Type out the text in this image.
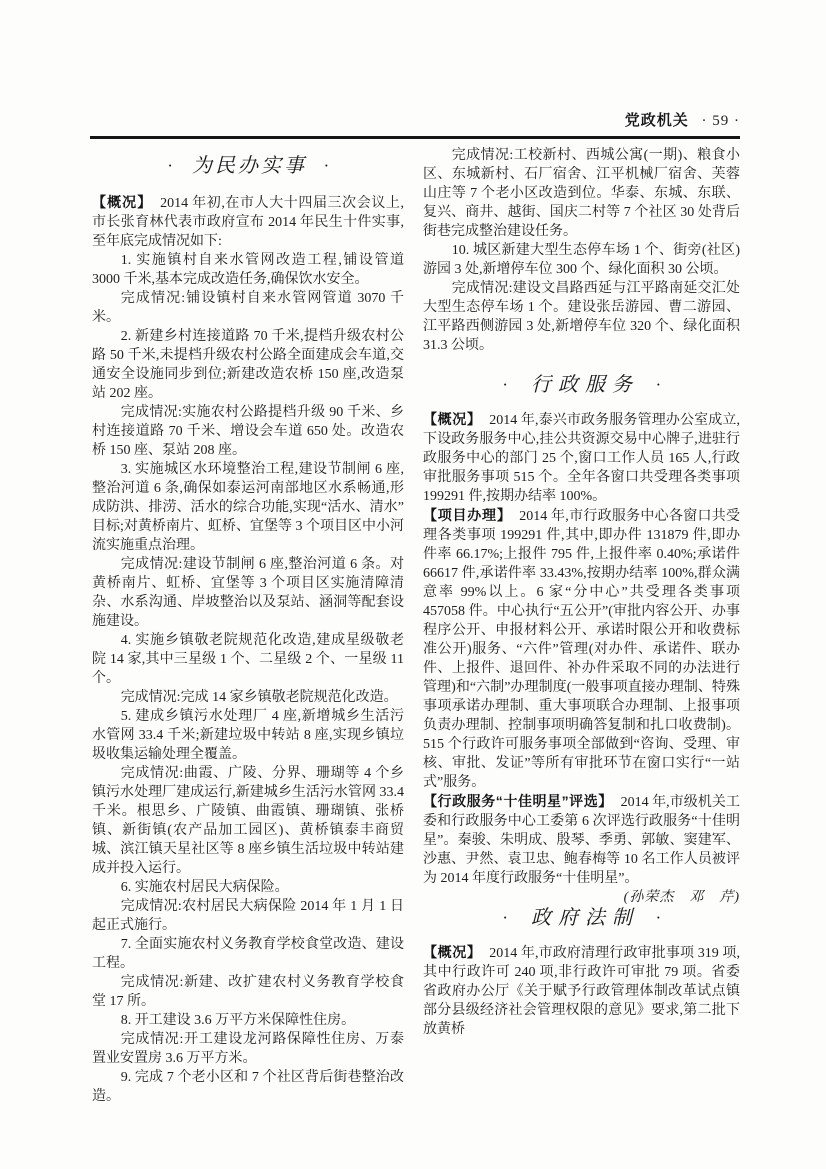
党政机关 · 59 ·
· 为民办实事 ·

【概况】 2014 年初,在市人大十四届三次会议上,市长张育林代表市政府宣布 2014 年民生十件实事,至年底完成情况如下:

1. 实施镇村自来水管网改造工程,铺设管道 3000 千米,基本完成改造任务,确保饮水安全。

完成情况:铺设镇村自来水管网管道 3070 千米。

2. 新建乡村连接道路 70 千米,提档升级农村公路 50 千米,未提档升级农村公路全面建成会车道,交通安全设施同步到位;新建改造农桥 150 座,改造泵站 202 座。

完成情况:实施农村公路提档升级 90 千米、乡村连接道路 70 千米、增设会车道 650 处。改造农桥 150 座、泵站 208 座。

3. 实施城区水环境整治工程,建设节制闸 6 座,整治河道 6 条,确保如泰运河南部地区水系畅通,形成防洪、排涝、活水的综合功能,实现“活水、清水”目标;对黄桥南片、虹桥、宜堡等 3 个项目区中小河流实施重点治理。

完成情况:建设节制闸 6 座,整治河道 6 条。对黄桥南片、虹桥、宜堡等 3 个项目区实施清障清杂、水系沟通、岸坡整治以及泵站、涵洞等配套设施建设。

4. 实施乡镇敬老院规范化改造,建成星级敬老院 14 家,其中三星级 1 个、二星级 2 个、一星级 11 个。

完成情况:完成 14 家乡镇敬老院规范化改造。

5. 建成乡镇污水处理厂 4 座,新增城乡生活污水管网 33.4 千米;新建垃圾中转站 8 座,实现乡镇垃圾收集运输处理全覆盖。

完成情况:曲霞、广陵、分界、珊瑚等 4 个乡镇污水处理厂建成运行,新建城乡生活污水管网 33.4 千米。根思乡、广陵镇、曲霞镇、珊瑚镇、张桥镇、新街镇(农产品加工园区)、黄桥镇泰丰商贸城、滨江镇天星社区等 8 座乡镇生活垃圾中转站建成并投入运行。

6. 实施农村居民大病保险。

完成情况:农村居民大病保险 2014 年 1 月 1 日起正式施行。

7. 全面实施农村义务教育学校食堂改造、建设工程。

完成情况:新建、改扩建农村义务教育学校食堂 17 所。

8. 开工建设 3.6 万平方米保障性住房。

完成情况:开工建设龙河路保障性住房、万泰置业安置房 3.6 万平方米。

9. 完成 7 个老小区和 7 个社区背后街巷整治改造。

完成情况:工校新村、西城公寓(一期)、粮食小区、东城新村、石厂宿舍、江平机械厂宿舍、芙蓉山庄等 7 个老小区改造到位。华泰、东城、东联、复兴、商井、越街、国庆二村等 7 个社区 30 处背后街巷完成整治建设任务。

10. 城区新建大型生态停车场 1 个、街旁(社区)游园 3 处,新增停车位 300 个、绿化面积 30 公顷。

完成情况:建设文昌路西延与江平路南延交汇处大型生态停车场 1 个。建设张岳游园、曹二游园、江平路西侧游园 3 处,新增停车位 320 个、绿化面积 31.3 公顷。

· 行政服务 ·

【概况】 2014 年,泰兴市政务服务管理办公室成立,下设政务服务中心,挂公共资源交易中心牌子,进驻行政服务中心的部门 25 个,窗口工作人员 165 人,行政审批服务事项 515 个。全年各窗口共受理各类事项 199291 件,按期办结率 100%。

【项目办理】 2014 年,市行政服务中心各窗口共受理各类事项 199291 件,其中,即办件 131879 件,即办件率 66.17%;上报件 795 件,上报件率 0.40%;承诺件 66617 件,承诺件率 33.43%,按期办结率 100%,群众满意率 99%以上。6 家“分中心”共受理各类事项 457058 件。中心执行“五公开”(审批内容公开、办事程序公开、申报材料公开、承诺时限公开和收费标准公开)服务、“六件”管理(对办件、承诺件、联办件、上报件、退回件、补办件采取不同的办法进行管理)和“六制”办理制度(一般事项直接办理制、特殊事项承诺办理制、重大事项联合办理制、上报事项负责办理制、控制事项明确答复制和扎口收费制)。515 个行政许可服务事项全部做到“咨询、受理、审核、审批、发证”等所有审批环节在窗口实行“一站式”服务。

【行政服务“十佳明星”评选】 2014 年,市级机关工委和行政服务中心工委第 6 次评选行政服务“十佳明星”。秦骏、朱明成、殷琴、季勇、郭敏、窦建军、沙惠、尹然、袁卫忠、鲍春梅等 10 名工作人员被评为 2014 年度行政服务“十佳明星”。
(孙荣杰　邓　芹)

· 政府法制 ·

【概况】 2014 年,市政府清理行政审批事项 319 项,其中行政许可 240 项,非行政许可审批 79 项。省委省政府办公厅《关于赋予行政管理体制改革试点镇部分县级经济社会管理权限的意见》要求,第二批下放黄桥
